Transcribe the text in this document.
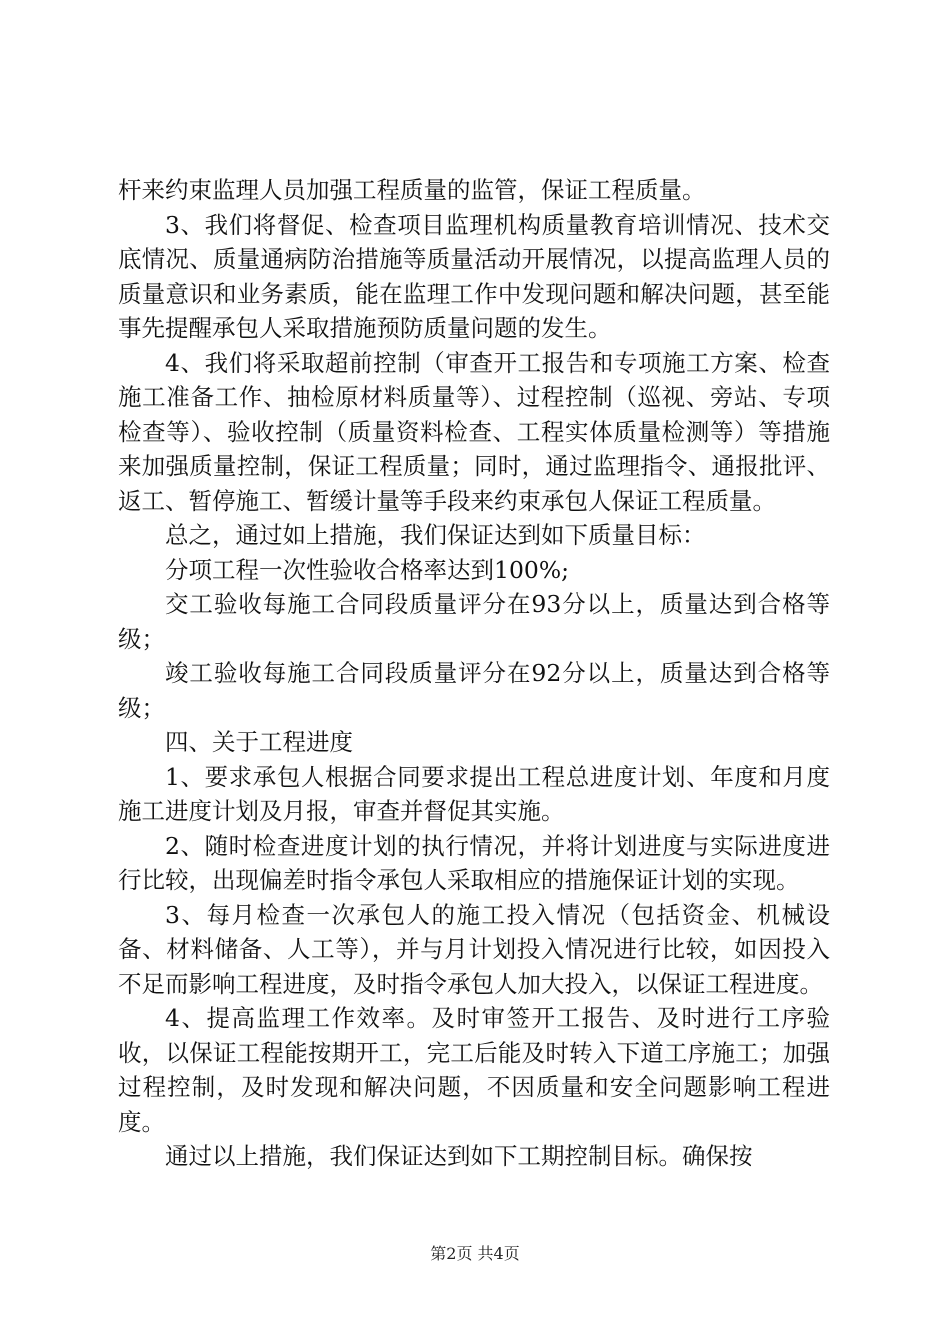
杆来约束监理人员加强工程质量的监管，保证工程质量。

3、我们将督促、检查项目监理机构质量教育培训情况、技术交底情况、质量通病防治措施等质量活动开展情况，以提高监理人员的质量意识和业务素质，能在监理工作中发现问题和解决问题，甚至能事先提醒承包人采取措施预防质量问题的发生。

4、我们将采取超前控制（审查开工报告和专项施工方案、检查施工准备工作、抽检原材料质量等）、过程控制（巡视、旁站、专项检查等）、验收控制（质量资料检查、工程实体质量检测等）等措施来加强质量控制，保证工程质量；同时，通过监理指令、通报批评、返工、暂停施工、暂缓计量等手段来约束承包人保证工程质量。

总之，通过如上措施，我们保证达到如下质量目标：

分项工程一次性验收合格率达到100%;

交工验收每施工合同段质量评分在93分以上，质量达到合格等级；

竣工验收每施工合同段质量评分在92分以上，质量达到合格等级；

四、关于工程进度

1、要求承包人根据合同要求提出工程总进度计划、年度和月度施工进度计划及月报，审查并督促其实施。

2、随时检查进度计划的执行情况，并将计划进度与实际进度进行比较，出现偏差时指令承包人采取相应的措施保证计划的实现。

3、每月检查一次承包人的施工投入情况（包括资金、机械设备、材料储备、人工等），并与月计划投入情况进行比较，如因投入不足而影响工程进度，及时指令承包人加大投入，以保证工程进度。

4、提高监理工作效率。及时审签开工报告、及时进行工序验收，以保证工程能按期开工，完工后能及时转入下道工序施工；加强过程控制，及时发现和解决问题，不因质量和安全问题影响工程进度。

通过以上措施，我们保证达到如下工期控制目标。确保按

第2页 共4页
